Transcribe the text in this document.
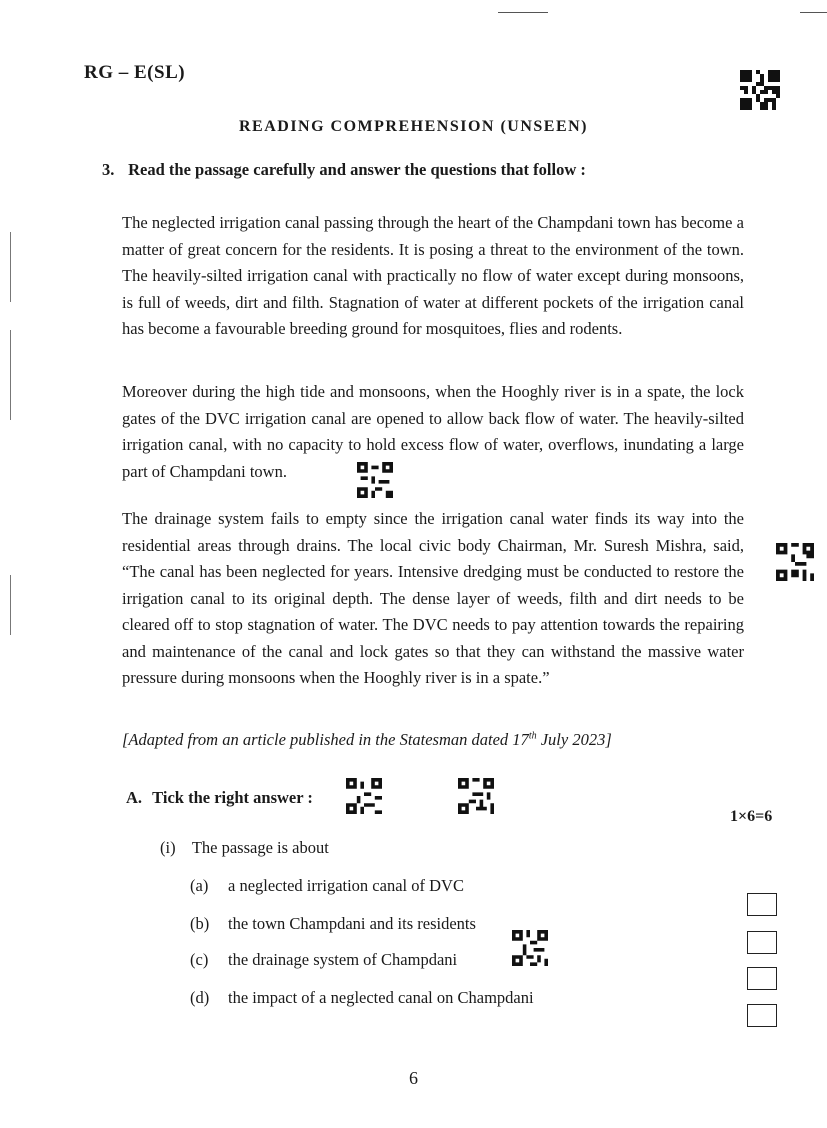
RG – E(SL)
READING COMPREHENSION (UNSEEN)
3. Read the passage carefully and answer the questions that follow :
The neglected irrigation canal passing through the heart of the Champdani town has become a matter of great concern for the residents. It is posing a threat to the environment of the town. The heavily-silted irrigation canal with practically no flow of water except during monsoons, is full of weeds, dirt and filth. Stagnation of water at different pockets of the irrigation canal has become a favourable breeding ground for mosquitoes, flies and rodents.
Moreover during the high tide and monsoons, when the Hooghly river is in a spate, the lock gates of the DVC irrigation canal are opened to allow back flow of water. The heavily-silted irrigation canal, with no capacity to hold excess flow of water, overflows, inundating a large part of Champdani town.
The drainage system fails to empty since the irrigation canal water finds its way into the residential areas through drains. The local civic body Chairman, Mr. Suresh Mishra, said, “The canal has been neglected for years. Intensive dredging must be conducted to restore the irrigation canal to its original depth. The dense layer of weeds, filth and dirt needs to be cleared off to stop stagnation of water. The DVC needs to pay attention towards the repairing and maintenance of the canal and lock gates so that they can withstand the massive water pressure during monsoons when the Hooghly river is in a spate.”
[Adapted from an article published in the Statesman dated 17th July 2023]
A. Tick the right answer :
1×6=6
(i) The passage is about
(a) a neglected irrigation canal of DVC
(b) the town Champdani and its residents
(c) the drainage system of Champdani
(d) the impact of a neglected canal on Champdani
6
